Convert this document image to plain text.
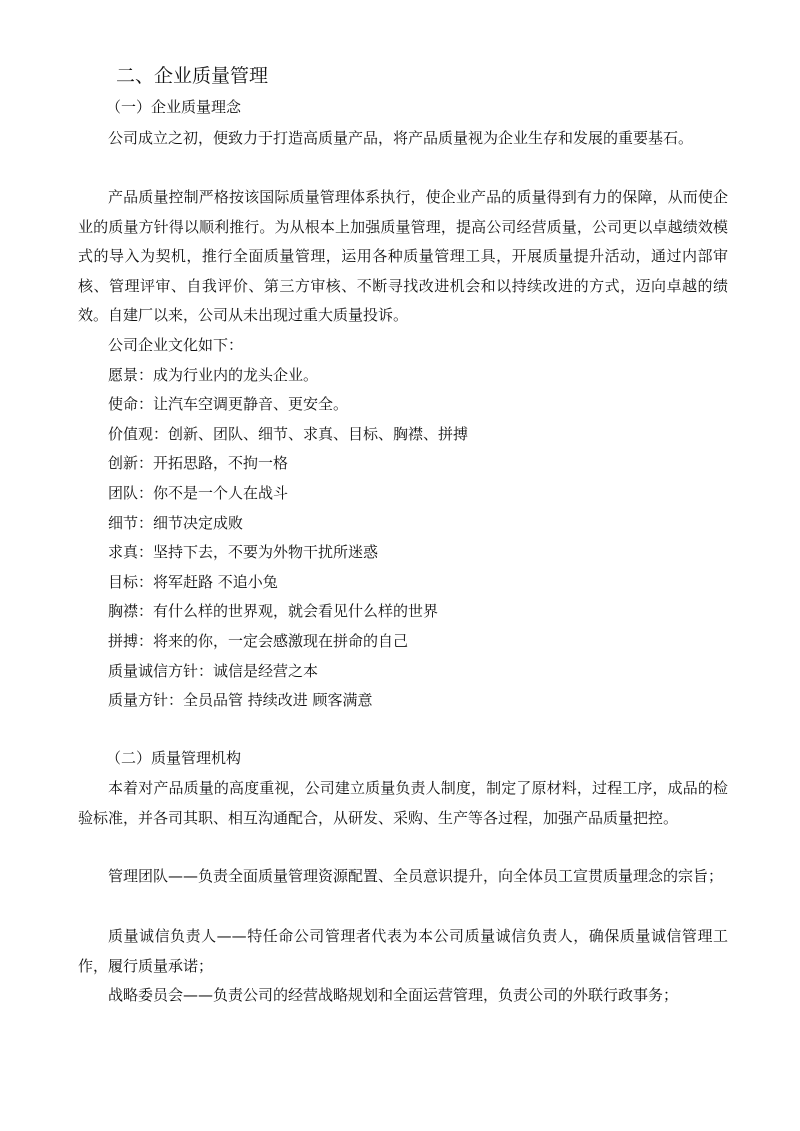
二、企业质量管理
（一）企业质量理念

公司成立之初，便致力于打造高质量产品，将产品质量视为企业生存和发展的重要基石。

产品质量控制严格按该国际质量管理体系执行，使企业产品的质量得到有力的保障，从而使企业的质量方针得以顺利推行。为从根本上加强质量管理，提高公司经营质量，公司更以卓越绩效模式的导入为契机，推行全面质量管理，运用各种质量管理工具，开展质量提升活动，通过内部审核、管理评审、自我评价、第三方审核、不断寻找改进机会和以持续改进的方式，迈向卓越的绩效。自建厂以来，公司从未出现过重大质量投诉。

公司企业文化如下：
愿景：成为行业内的龙头企业。
使命：让汽车空调更静音、更安全。
价值观：创新、团队、细节、求真、目标、胸襟、拼搏
创新：开拓思路，不拘一格
团队：你不是一个人在战斗
细节：细节决定成败
求真：坚持下去，不要为外物干扰所迷惑
目标：将军赶路 不追小兔
胸襟：有什么样的世界观，就会看见什么样的世界
拼搏：将来的你，一定会感激现在拼命的自己
质量诚信方针：诚信是经营之本
质量方针：全员品管 持续改进 顾客满意
（二）质量管理机构

本着对产品质量的高度重视，公司建立质量负责人制度，制定了原材料，过程工序，成品的检验标准，并各司其职、相互沟通配合，从研发、采购、生产等各过程，加强产品质量把控。

管理团队——负责全面质量管理资源配置、全员意识提升，向全体员工宣贯质量理念的宗旨；

质量诚信负责人——特任命公司管理者代表为本公司质量诚信负责人，确保质量诚信管理工作，履行质量承诺；

战略委员会——负责公司的经营战略规划和全面运营管理，负责公司的外联行政事务；
